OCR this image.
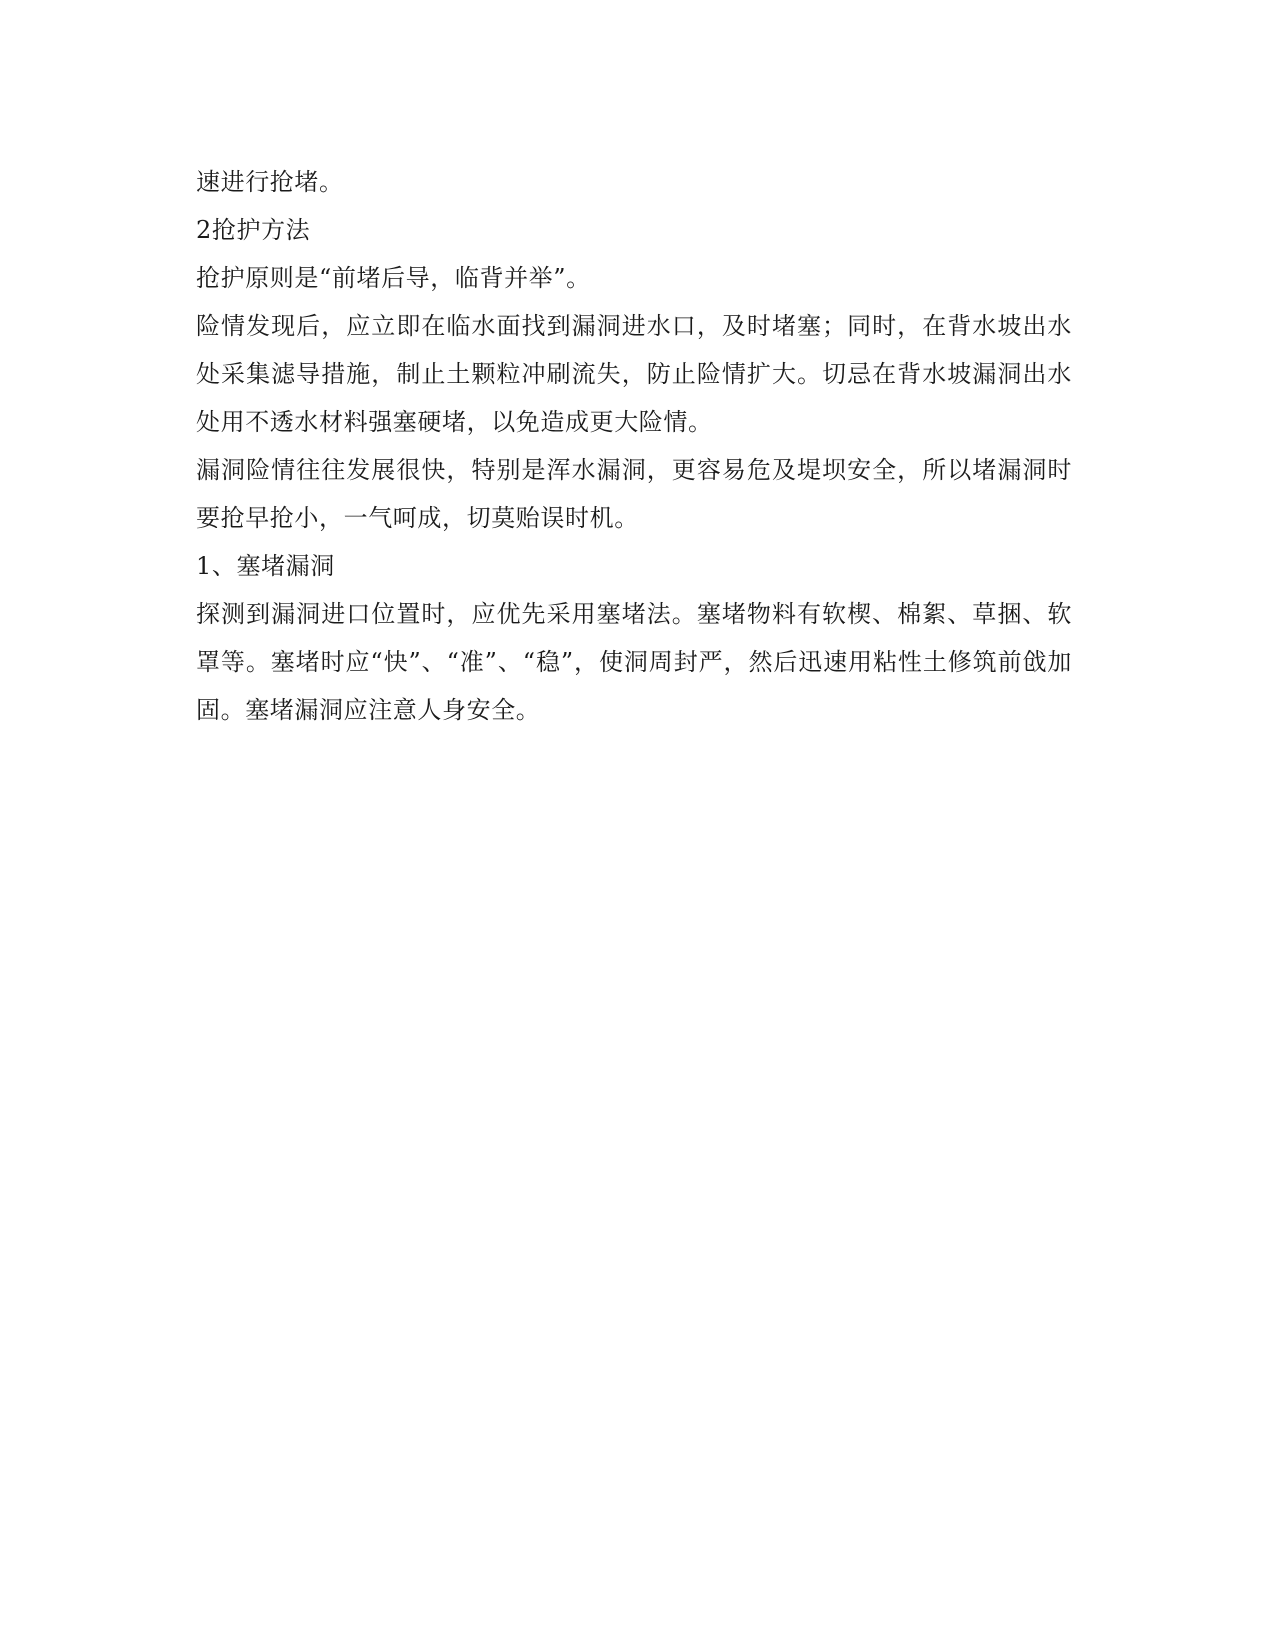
速进行抢堵。

2抢护方法

抢护原则是“前堵后导，临背并举”。

险情发现后，应立即在临水面找到漏洞进水口，及时堵塞；同时，在背水坡出水处采集滤导措施，制止土颗粒冲刷流失，防止险情扩大。切忌在背水坡漏洞出水处用不透水材料强塞硬堵，以免造成更大险情。

漏洞险情往往发展很快，特别是浑水漏洞，更容易危及堤坝安全，所以堵漏洞时要抢早抢小，一气呵成，切莫贻误时机。

1、塞堵漏洞

探测到漏洞进口位置时，应优先采用塞堵法。塞堵物料有软楔、棉絮、草捆、软罩等。塞堵时应“快”、“准”、“稳”，使洞周封严，然后迅速用粘性土修筑前戗加固。塞堵漏洞应注意人身安全。
